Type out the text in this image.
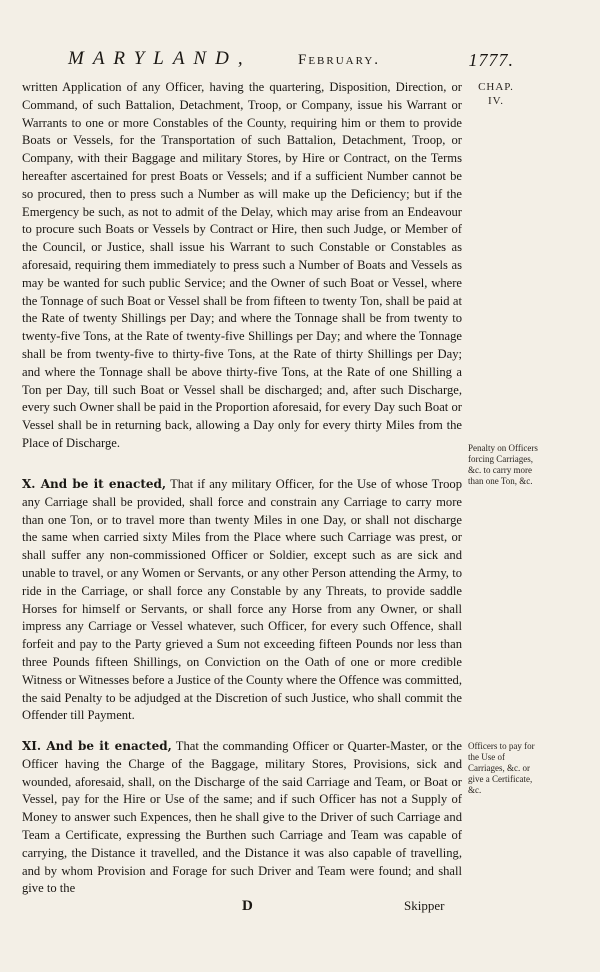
MARYLAND,	February.	1777.
CHAP. IV.

written Application of any Officer, having the quartering, Disposition, Direction, or Command, of such Battalion, Detachment, Troop, or Company, issue his Warrant or Warrants to one or more Constables of the County, requiring him or them to provide Boats or Vessels, for the Transportation of such Battalion, Detachment, Troop, or Company, with their Baggage and military Stores, by Hire or Contract, on the Terms hereafter ascertained for prest Boats or Vessels; and if a sufficient Number cannot be so procured, then to press such a Number as will make up the Deficiency; but if the Emergency be such, as not to admit of the Delay, which may arise from an Endeavour to procure such Boats or Vessels by Contract or Hire, then such Judge, or Member of the Council, or Justice, shall issue his Warrant to such Constable or Constables as aforesaid, requiring them immediately to press such a Number of Boats and Vessels as may be wanted for such public Service; and the Owner of such Boat or Vessel, where the Tonnage of such Boat or Vessel shall be from fifteen to twenty Ton, shall be paid at the Rate of twenty Shillings per Day; and where the Tonnage shall be from twenty to twenty-five Tons, at the Rate of twenty-five Shillings per Day; and where the Tonnage shall be from twenty-five to thirty-five Tons, at the Rate of thirty Shillings per Day; and where the Tonnage shall be above thirty-five Tons, at the Rate of one Shilling a Ton per Day, till such Boat or Vessel shall be discharged; and, after such Discharge, every such Owner shall be paid in the Proportion aforesaid, for every Day such Boat or Vessel shall be in returning back, allowing a Day only for every thirty Miles from the Place of Discharge.	Penalty on Officers forcing Carriages, &c. to carry more than one Ton, &c.

X. And be it enacted, That if any military Officer, for the Use of whose Troop any Carriage shall be provided, shall force and constrain any Carriage to carry more than one Ton, or to travel more than twenty Miles in one Day, or shall not discharge the same when carried sixty Miles from the Place where such Carriage was prest, or shall suffer any non-commissioned Officer or Soldier, except such as are sick and unable to travel, or any Women or Servants, or any other Person attending the Army, to ride in the Carriage, or shall force any Constable by any Threats, to provide saddle Horses for himself or Servants, or shall force any Horse from any Owner, or shall impress any Carriage or Vessel whatever, such Officer, for every such Offence, shall forfeit and pay to the Party grieved a Sum not exceeding fifteen Pounds nor less than three Pounds fifteen Shillings, on Conviction on the Oath of one or more credible Witness or Witnesses before a Justice of the County where the Offence was committed, the said Penalty to be adjudged at the Discretion of such Justice, who shall commit the Offender till Payment.

Officers to pay for the Use of Carriages, &c. or give a Certificate, &c.

XI. And be it enacted, That the commanding Officer or Quarter-Master, or the Officer having the Charge of the Baggage, military Stores, Provisions, sick and wounded, aforesaid, shall, on the Discharge of the said Carriage and Team, or Boat or Vessel, pay for the Hire or Use of the same; and if such Officer has not a Supply of Money to answer such Expences, then he shall give to the Driver of such Carriage and Team a Certificate, expressing the Burthen such Carriage and Team was capable of carrying, the Distance it travelled, and the Distance it was also capable of travelling, and by whom Provision and Forage for such Driver and Team were found; and shall give to the

D	Skipper
